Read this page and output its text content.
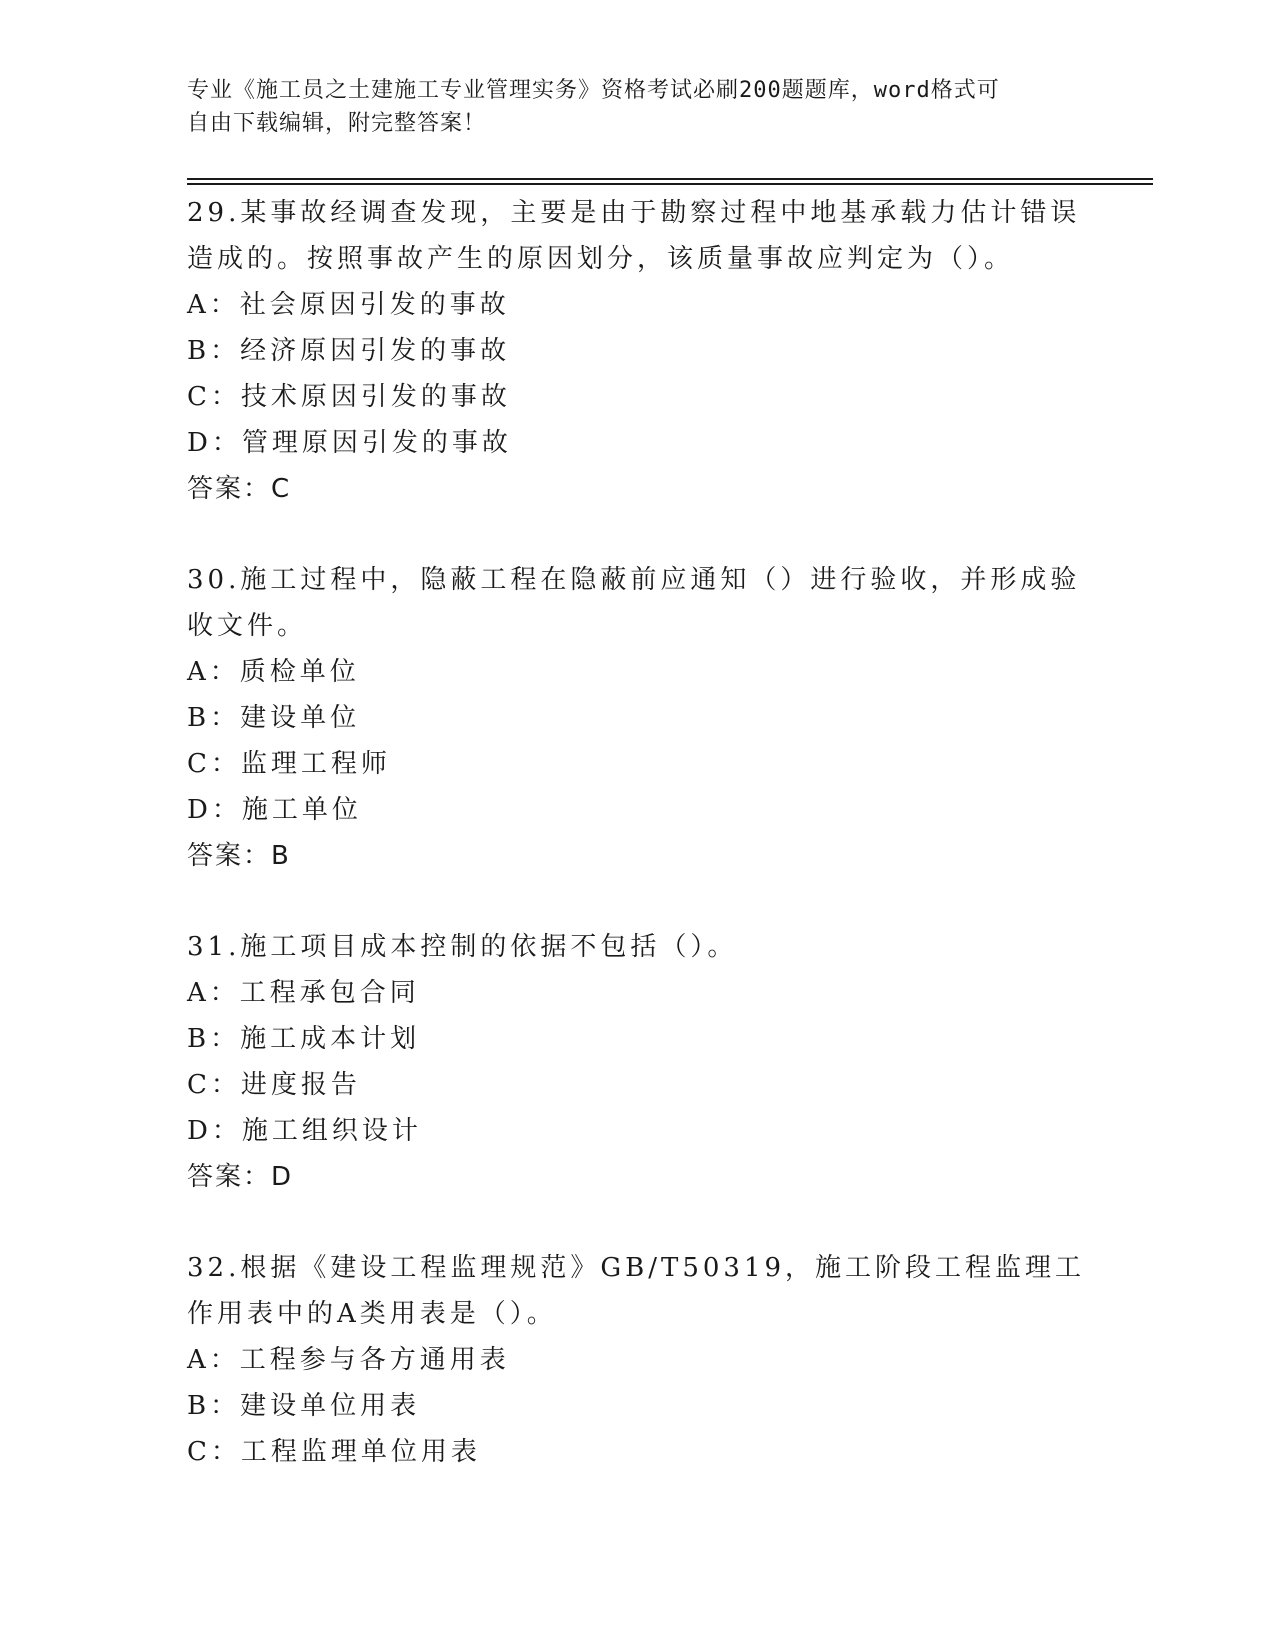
专业《施工员之土建施工专业管理实务》资格考试必刷200题题库，word格式可
自由下载编辑，附完整答案！

29.某事故经调查发现，主要是由于勘察过程中地基承载力估计错误造成的。按照事故产生的原因划分，该质量事故应判定为（）。

A：社会原因引发的事故
B：经济原因引发的事故
C：技术原因引发的事故
D：管理原因引发的事故
答案：C

30.施工过程中，隐蔽工程在隐蔽前应通知（）进行验收，并形成验收文件。

A：质检单位
B：建设单位
C：监理工程师
D：施工单位
答案：B

31.施工项目成本控制的依据不包括（）。

A：工程承包合同
B：施工成本计划
C：进度报告
D：施工组织设计
答案：D

32.根据《建设工程监理规范》GB/T50319，施工阶段工程监理工作用表中的A类用表是（）。

A：工程参与各方通用表
B：建设单位用表
C：工程监理单位用表
